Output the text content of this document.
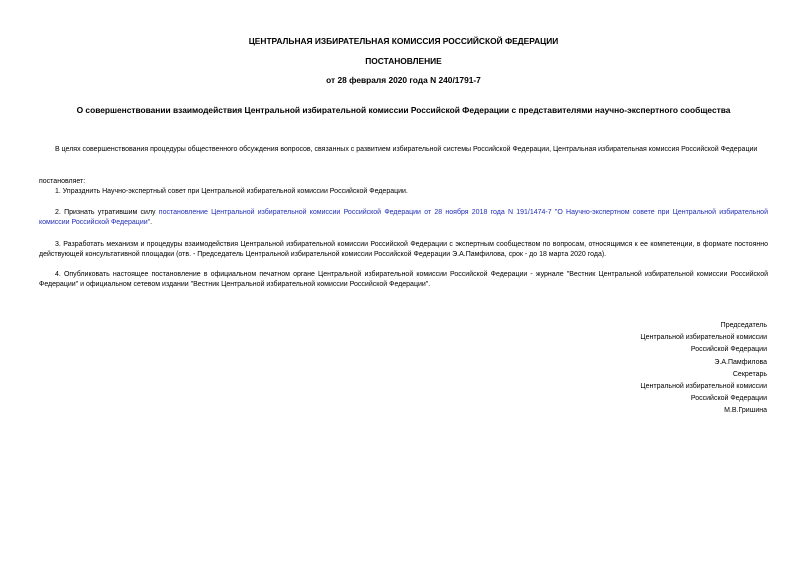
ЦЕНТРАЛЬНАЯ ИЗБИРАТЕЛЬНАЯ КОМИССИЯ РОССИЙСКОЙ ФЕДЕРАЦИИ
ПОСТАНОВЛЕНИЕ
от 28 февраля 2020 года N 240/1791-7
О совершенствовании взаимодействия Центральной избирательной комиссии Российской Федерации с представителями научно-экспертного сообщества
В целях совершенствования процедуры общественного обсуждения вопросов, связанных с развитием избирательной системы Российской Федерации, Центральная избирательная комиссия Российской Федерации
постановляет:
1. Упразднить Научно-экспертный совет при Центральной избирательной комиссии Российской Федерации.
2. Признать утратившим силу постановление Центральной избирательной комиссии Российской Федерации от 28 ноября 2018 года N 191/1474-7 "О Научно-экспертном совете при Центральной избирательной комиссии Российской Федерации".
3. Разработать механизм и процедуры взаимодействия Центральной избирательной комиссии Российской Федерации с экспертным сообществом по вопросам, относящимся к ее компетенции, в формате постоянно действующей консультативной площадки (отв. - Председатель Центральной избирательной комиссии Российской Федерации Э.А.Памфилова, срок - до 18 марта 2020 года).
4. Опубликовать настоящее постановление в официальном печатном органе Центральной избирательной комиссии Российской Федерации - журнале "Вестник Центральной избирательной комиссии Российской Федерации" и официальном сетевом издании "Вестник Центральной избирательной комиссии Российской Федерации".
Председатель
Центральной избирательной комиссии
Российской Федерации
Э.А.Памфилова
Секретарь
Центральной избирательной комиссии
Российской Федерации
М.В.Гришина
